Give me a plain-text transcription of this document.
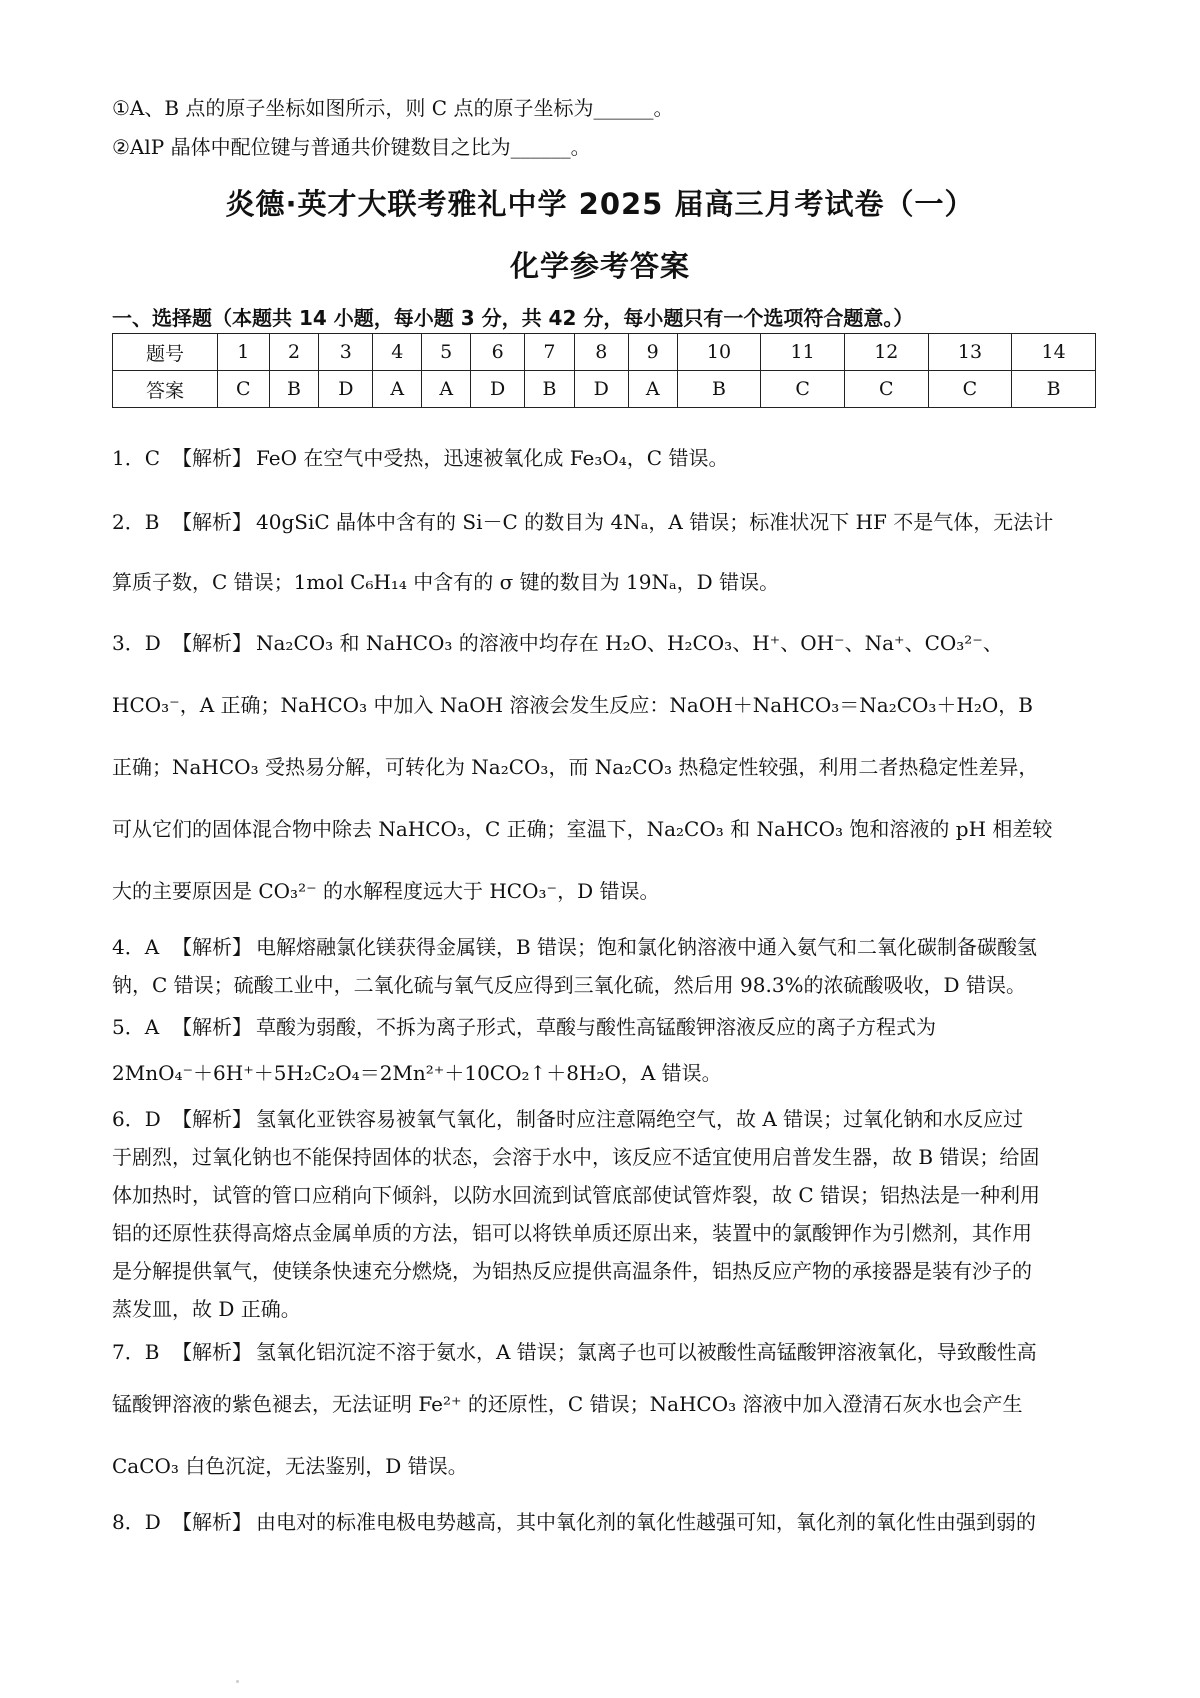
①A、B 点的原子坐标如图所示，则 C 点的原子坐标为______。
②AlP 晶体中配位键与普通共价键数目之比为______。
炎德·英才大联考雅礼中学 2025 届高三月考试卷（一）
化学参考答案
一、选择题（本题共 14 小题，每小题 3 分，共 42 分，每小题只有一个选项符合题意。）
题号	1	2	3	4	5	6	7	8	9	10	11	12	13	14
答案	C	B	D	A	A	D	B	D	A	B	C	C	C	B

1．C 【解析】 FeO 在空气中受热，迅速被氧化成 Fe₃O₄，C 错误。

2．B 【解析】 40gSiC 晶体中含有的 Si－C 的数目为 4Nₐ，A 错误；标准状况下 HF 不是气体，无法计

算质子数，C 错误；1mol C₆H₁₄ 中含有的 σ 键的数目为 19Nₐ，D 错误。

3．D 【解析】 Na₂CO₃ 和 NaHCO₃ 的溶液中均存在 H₂O、H₂CO₃、H⁺、OH⁻、Na⁺、CO₃²⁻、

HCO₃⁻，A 正确；NaHCO₃ 中加入 NaOH 溶液会发生反应：NaOH＋NaHCO₃＝Na₂CO₃＋H₂O，B

正确；NaHCO₃ 受热易分解，可转化为 Na₂CO₃，而 Na₂CO₃ 热稳定性较强，利用二者热稳定性差异，

可从它们的固体混合物中除去 NaHCO₃，C 正确；室温下，Na₂CO₃ 和 NaHCO₃ 饱和溶液的 pH 相差较

大的主要原因是 CO₃²⁻ 的水解程度远大于 HCO₃⁻，D 错误。

4．A 【解析】 电解熔融氯化镁获得金属镁，B 错误；饱和氯化钠溶液中通入氨气和二氧化碳制备碳酸氢

钠，C 错误；硫酸工业中，二氧化硫与氧气反应得到三氧化硫，然后用 98.3%的浓硫酸吸收，D 错误。

5．A 【解析】 草酸为弱酸，不拆为离子形式，草酸与酸性高锰酸钾溶液反应的离子方程式为

2MnO₄⁻＋6H⁺＋5H₂C₂O₄＝2Mn²⁺＋10CO₂↑＋8H₂O，A 错误。

6．D 【解析】 氢氧化亚铁容易被氧气氧化，制备时应注意隔绝空气，故 A 错误；过氧化钠和水反应过

于剧烈，过氧化钠也不能保持固体的状态，会溶于水中，该反应不适宜使用启普发生器，故 B 错误；给固

体加热时，试管的管口应稍向下倾斜，以防水回流到试管底部使试管炸裂，故 C 错误；铝热法是一种利用

铝的还原性获得高熔点金属单质的方法，铝可以将铁单质还原出来，装置中的氯酸钾作为引燃剂，其作用

是分解提供氧气，使镁条快速充分燃烧，为铝热反应提供高温条件，铝热反应产物的承接器是装有沙子的

蒸发皿，故 D 正确。

7．B 【解析】 氢氧化铝沉淀不溶于氨水，A 错误；氯离子也可以被酸性高锰酸钾溶液氧化，导致酸性高

锰酸钾溶液的紫色褪去，无法证明 Fe²⁺ 的还原性，C 错误；NaHCO₃ 溶液中加入澄清石灰水也会产生

CaCO₃ 白色沉淀，无法鉴别，D 错误。

8．D 【解析】 由电对的标准电极电势越高，其中氧化剂的氧化性越强可知，氧化剂的氧化性由强到弱的
